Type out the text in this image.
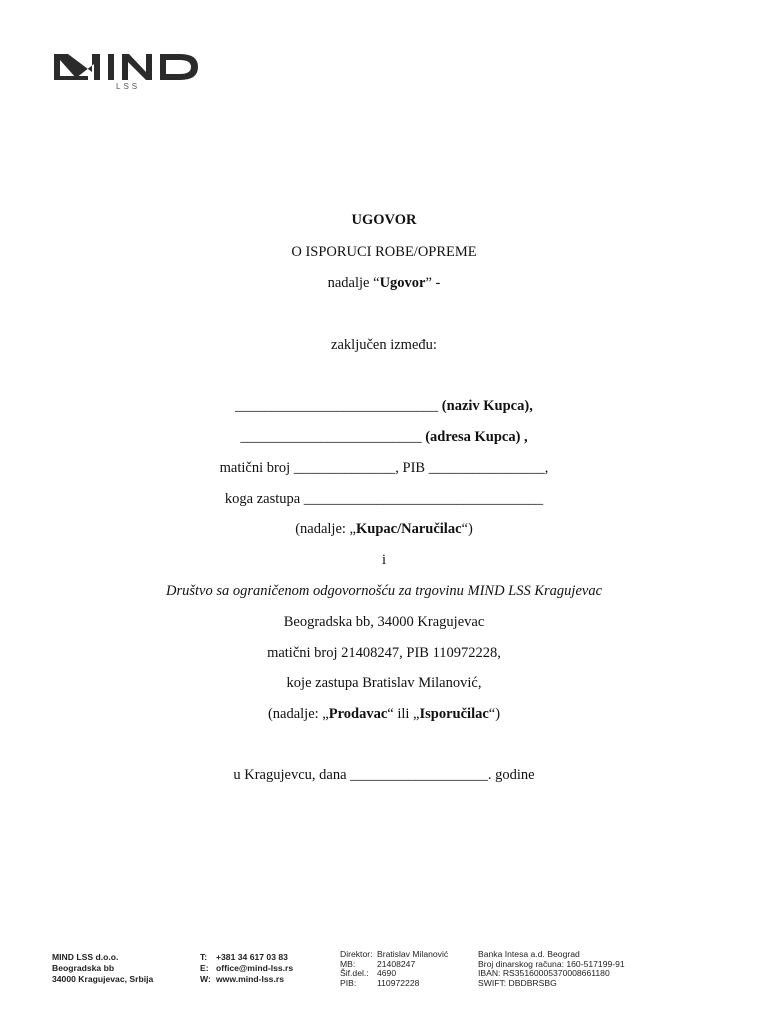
LSS
UGOVOR
O ISPORUCI ROBE/OPREME
nadalje “Ugovor” -
zaključen između:
____________________________ (naziv Kupca),
_________________________ (adresa Kupca) ,
matični broj ______________, PIB ________________,
koga zastupa _________________________________
(nadalje: „Kupac/Naručilac“)
i
Društvo sa ograničenom odgovornošću za trgovinu MIND LSS Kragujevac
Beogradska bb, 34000 Kragujevac
matični broj 21408247, PIB 110972228,
koje zastupa Bratislav Milanović,
(nadalje: „Prodavac“ ili „Isporučilac“)
u Kragujevcu, dana ___________________. godine
MIND LSS d.o.o.
Beogradska bb
34000 Kragujevac, Srbija
T:	+381 34 617 03 83
E: office@mind-lss.rs
W: www.mind-lss.rs
Direktor: Bratislav Milanović
MB:	21408247
Šif.del.: 4690
PIB:	110972228
Banka Intesa a.d. Beograd
Broj dinarskog računa: 160-517199-91
IBAN: RS35160005370008661180
SWIFT: DBDBRSBG
